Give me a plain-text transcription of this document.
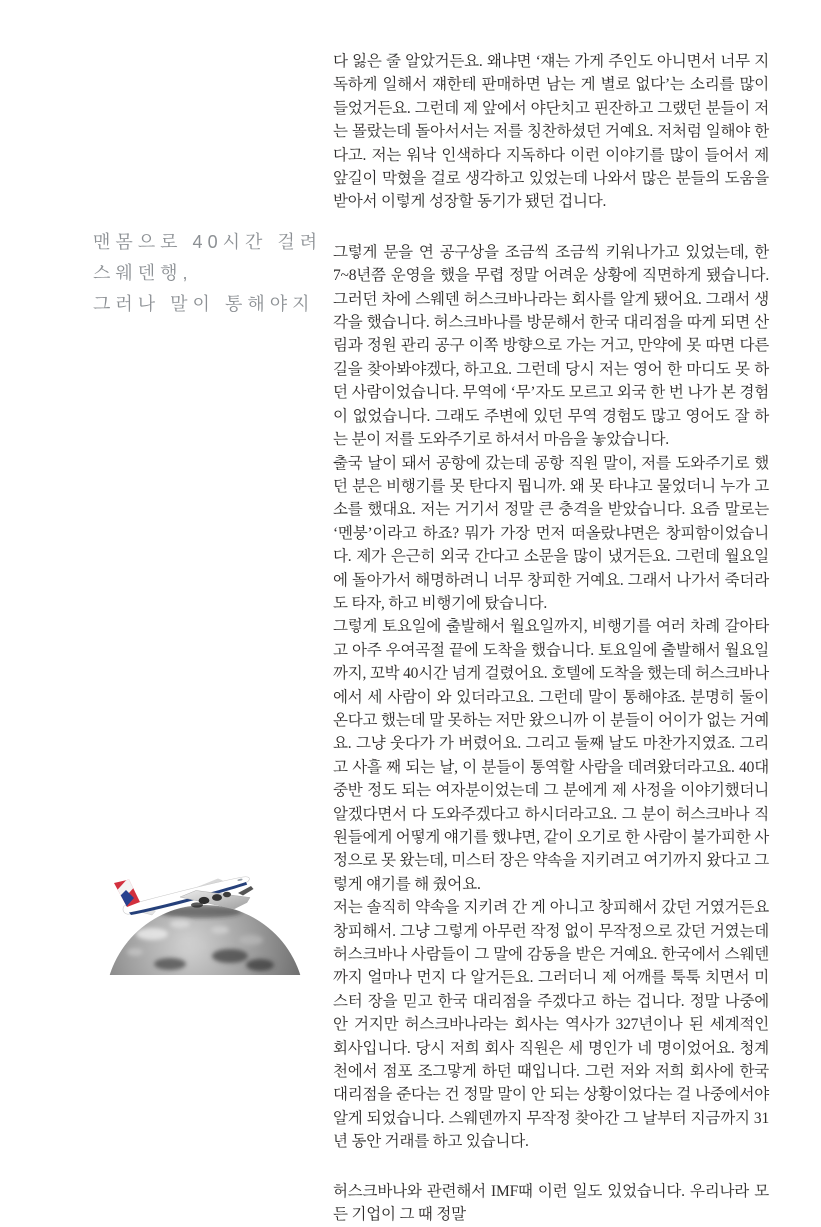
맨몸으로 40시간 걸려
스웨덴행,
그러나 말이 통해야지

다 잃은 줄 알았거든요. 왜냐면 ‘쟤는 가게 주인도 아니면서 너무 지독하게 일해서 쟤한테 판매하면 남는 게 별로 없다’는 소리를 많이 들었거든요. 그런데 제 앞에서 야단치고 핀잔하고 그랬던 분들이 저는 몰랐는데 돌아서서는 저를 칭찬하셨던 거예요. 저처럼 일해야 한다고. 저는 워낙 인색하다 지독하다 이런 이야기를 많이 들어서 제 앞길이 막혔을 걸로 생각하고 있었는데 나와서 많은 분들의 도움을 받아서 이렇게 성장할 동기가 됐던 겁니다.

그렇게 문을 연 공구상을 조금씩 조금씩 키워나가고 있었는데, 한 7~8년쯤 운영을 했을 무렵 정말 어려운 상황에 직면하게 됐습니다. 그러던 차에 스웨덴 허스크바나라는 회사를 알게 됐어요. 그래서 생각을 했습니다. 허스크바나를 방문해서 한국 대리점을 따게 되면 산림과 정원 관리 공구 이쪽 방향으로 가는 거고, 만약에 못 따면 다른 길을 찾아봐야겠다, 하고요. 그런데 당시 저는 영어 한 마디도 못 하던 사람이었습니다. 무역에 ‘무’자도 모르고 외국 한 번 나가 본 경험이 없었습니다. 그래도 주변에 있던 무역 경험도 많고 영어도 잘 하는 분이 저를 도와주기로 하셔서 마음을 놓았습니다.

출국 날이 돼서 공항에 갔는데 공항 직원 말이, 저를 도와주기로 했던 분은 비행기를 못 탄다지 뭡니까. 왜 못 타냐고 물었더니 누가 고소를 했대요. 저는 거기서 정말 큰 충격을 받았습니다. 요즘 말로는 ‘멘붕’이라고 하죠? 뭐가 가장 먼저 떠올랐냐면은 창피함이었습니다. 제가 은근히 외국 간다고 소문을 많이 냈거든요. 그런데 월요일에 돌아가서 해명하려니 너무 창피한 거예요. 그래서 나가서 죽더라도 타자, 하고 비행기에 탔습니다.

그렇게 토요일에 출발해서 월요일까지, 비행기를 여러 차례 갈아타고 아주 우여곡절 끝에 도착을 했습니다. 토요일에 출발해서 월요일까지, 꼬박 40시간 넘게 걸렸어요. 호텔에 도착을 했는데 허스크바나에서 세 사람이 와 있더라고요. 그런데 말이 통해야죠. 분명히 둘이 온다고 했는데 말 못하는 저만 왔으니까 이 분들이 어이가 없는 거예요. 그냥 웃다가 가 버렸어요. 그리고 둘째 날도 마찬가지였죠. 그리고 사흘 째 되는 날, 이 분들이 통역할 사람을 데려왔더라고요. 40대 중반 정도 되는 여자분이었는데 그 분에게 제 사정을 이야기했더니 알겠다면서 다 도와주겠다고 하시더라고요. 그 분이 허스크바나 직원들에게 어떻게 얘기를 했냐면, 같이 오기로 한 사람이 불가피한 사정으로 못 왔는데, 미스터 장은 약속을 지키려고 여기까지 왔다고 그렇게 얘기를 해 줬어요.

저는 솔직히 약속을 지키려 간 게 아니고 창피해서 갔던 거였거든요 창피해서. 그냥 그렇게 아무런 작정 없이 무작정으로 갔던 거였는데 허스크바나 사람들이 그 말에 감동을 받은 거예요. 한국에서 스웨덴까지 얼마나 먼지 다 알거든요. 그러더니 제 어깨를 툭툭 치면서 미스터 장을 믿고 한국 대리점을 주겠다고 하는 겁니다. 정말 나중에 안 거지만 허스크바나라는 회사는 역사가 327년이나 된 세계적인 회사입니다. 당시 저희 회사 직원은 세 명인가 네 명이었어요. 청계천에서 점포 조그맣게 하던 때입니다. 그런 저와 저희 회사에 한국 대리점을 준다는 건 정말 말이 안 되는 상황이었다는 걸 나중에서야 알게 되었습니다. 스웨덴까지 무작정 찾아간 그 날부터 지금까지 31년 동안 거래를 하고 있습니다.

허스크바나와 관련해서 IMF때 이런 일도 있었습니다. 우리나라 모든 기업이 그 때 정말
